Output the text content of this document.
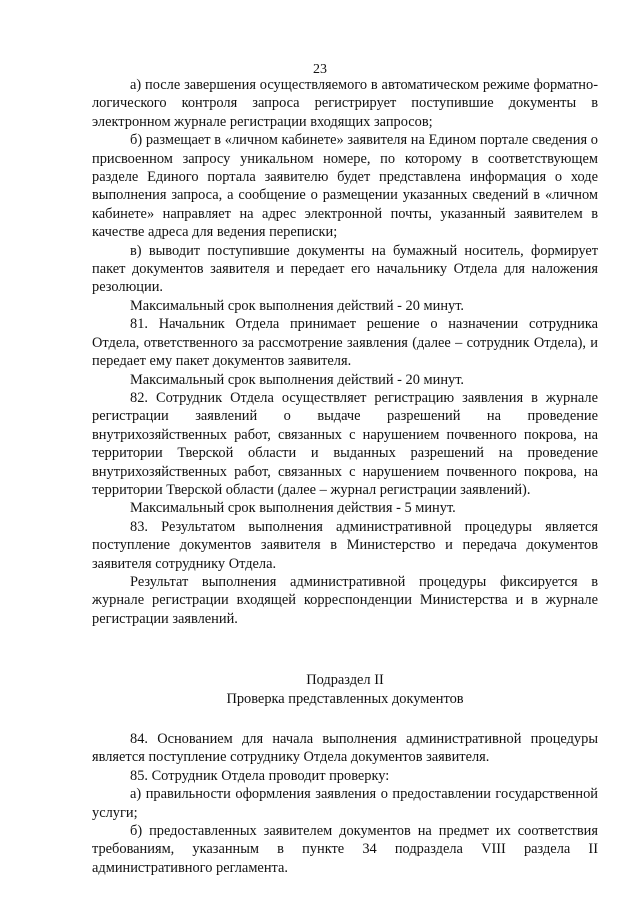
23

а) после завершения осуществляемого в автоматическом режиме форматно-логического контроля запроса регистрирует поступившие документы в электронном журнале регистрации входящих запросов;

б) размещает в «личном кабинете» заявителя на Едином портале сведения о присвоенном запросу уникальном номере, по которому в соответствующем разделе Единого портала заявителю будет представлена информация о ходе выполнения запроса, а сообщение о размещении указанных сведений в «личном кабинете» направляет на адрес электронной почты, указанный заявителем в качестве адреса для ведения переписки;

в) выводит поступившие документы на бумажный носитель, формирует пакет документов заявителя и передает его начальнику Отдела для наложения резолюции.

Максимальный срок выполнения действий - 20 минут.

81. Начальник Отдела принимает решение о назначении сотрудника Отдела, ответственного за рассмотрение заявления (далее – сотрудник Отдела), и передает ему пакет документов заявителя.

Максимальный срок выполнения действий - 20 минут.

82. Сотрудник Отдела осуществляет регистрацию заявления в журнале регистрации заявлений о выдаче разрешений на проведение внутрихозяйственных работ, связанных с нарушением почвенного покрова, на территории Тверской области и выданных разрешений на проведение внутрихозяйственных работ, связанных с нарушением почвенного покрова, на территории Тверской области (далее – журнал регистрации заявлений).

Максимальный срок выполнения действия - 5 минут.

83. Результатом выполнения административной процедуры является поступление документов заявителя в Министерство и передача документов заявителя сотруднику Отдела.

Результат выполнения административной процедуры фиксируется в журнале регистрации входящей корреспонденции Министерства и в журнале регистрации заявлений.

Подраздел II

Проверка представленных документов

84. Основанием для начала выполнения административной процедуры является поступление сотруднику Отдела документов заявителя.

85. Сотрудник Отдела проводит проверку:

а) правильности оформления заявления о предоставлении государственной услуги;

б) предоставленных заявителем документов на предмет их соответствия требованиям, указанным в пункте 34 подраздела VIII раздела II административного регламента.
